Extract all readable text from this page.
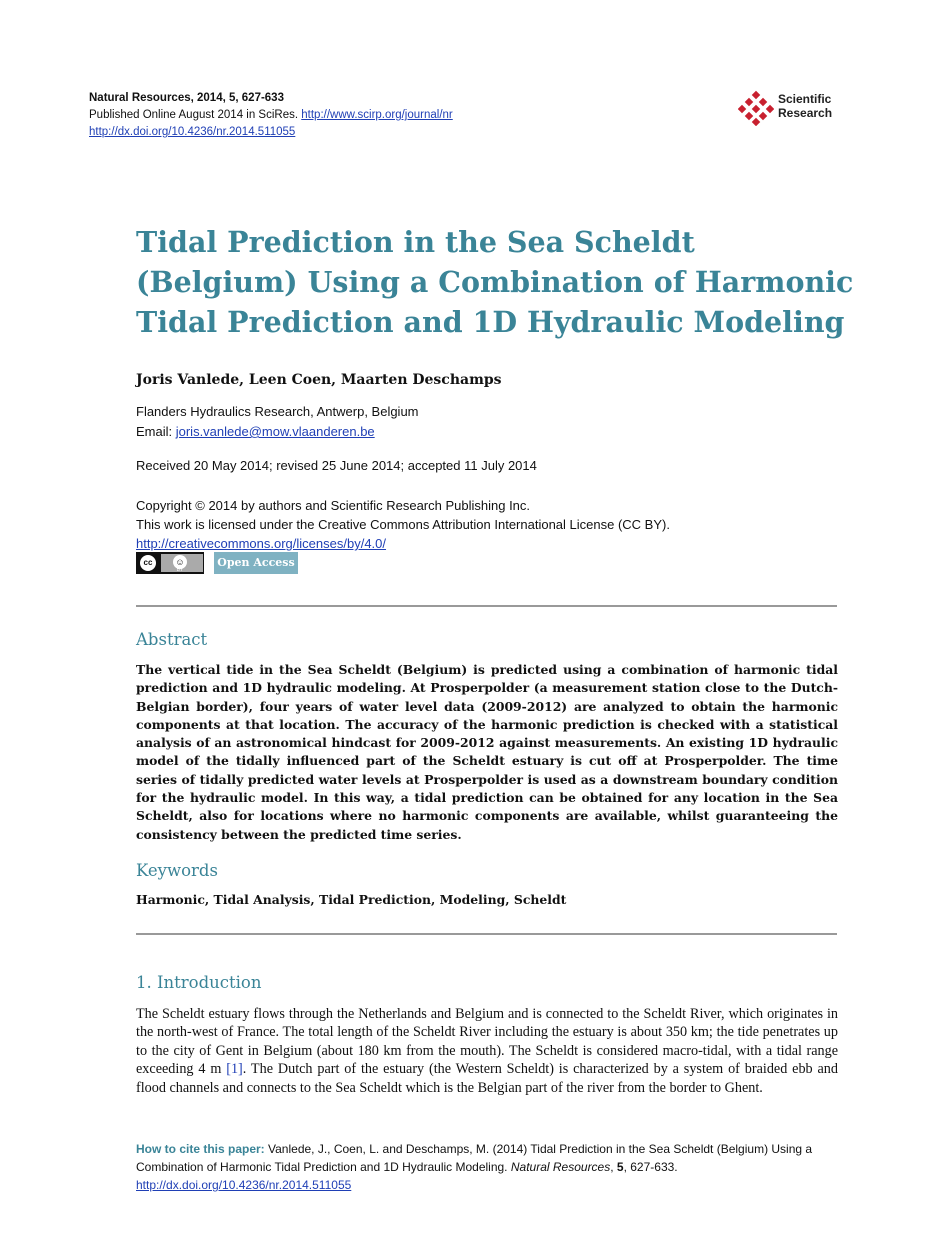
Natural Resources, 2014, 5, 627-633
Published Online August 2014 in SciRes. http://www.scirp.org/journal/nr
http://dx.doi.org/10.4236/nr.2014.511055
Scientific
Research
Tidal Prediction in the Sea Scheldt (Belgium) Using a Combination of Harmonic Tidal Prediction and 1D Hydraulic Modeling
Joris Vanlede, Leen Coen, Maarten Deschamps
Flanders Hydraulics Research, Antwerp, Belgium
Email: joris.vanlede@mow.vlaanderen.be
Received 20 May 2014; revised 25 June 2014; accepted 11 July 2014
Copyright © 2014 by authors and Scientific Research Publishing Inc.
This work is licensed under the Creative Commons Attribution International License (CC BY).
http://creativecommons.org/licenses/by/4.0/
cc	☺
BY
Open Access
Abstract

The vertical tide in the Sea Scheldt (Belgium) is predicted using a combination of harmonic tidal prediction and 1D hydraulic modeling. At Prosperpolder (a measurement station close to the Dutch-Belgian border), four years of water level data (2009-2012) are analyzed to obtain the harmonic components at that location. The accuracy of the harmonic prediction is checked with a statistical analysis of an astronomical hindcast for 2009-2012 against measurements. An existing 1D hydraulic model of the tidally influenced part of the Scheldt estuary is cut off at Prosperpolder. The time series of tidally predicted water levels at Prosperpolder is used as a downstream boundary condition for the hydraulic model. In this way, a tidal prediction can be obtained for any location in the Sea Scheldt, also for locations where no harmonic components are available, whilst guaranteeing the consistency between the predicted time series.

Keywords
Harmonic, Tidal Analysis, Tidal Prediction, Modeling, Scheldt
1. Introduction

The Scheldt estuary flows through the Netherlands and Belgium and is connected to the Scheldt River, which originates in the north-west of France. The total length of the Scheldt River including the estuary is about 350 km; the tide penetrates up to the city of Gent in Belgium (about 180 km from the mouth). The Scheldt is considered macro-tidal, with a tidal range exceeding 4 m [1]. The Dutch part of the estuary (the Western Scheldt) is characterized by a system of braided ebb and flood channels and connects to the Sea Scheldt which is the Belgian part of the river from the border to Ghent.

How to cite this paper: Vanlede, J., Coen, L. and Deschamps, M. (2014) Tidal Prediction in the Sea Scheldt (Belgium) Using a Combination of Harmonic Tidal Prediction and 1D Hydraulic Modeling. Natural Resources, 5, 627-633.
http://dx.doi.org/10.4236/nr.2014.511055
